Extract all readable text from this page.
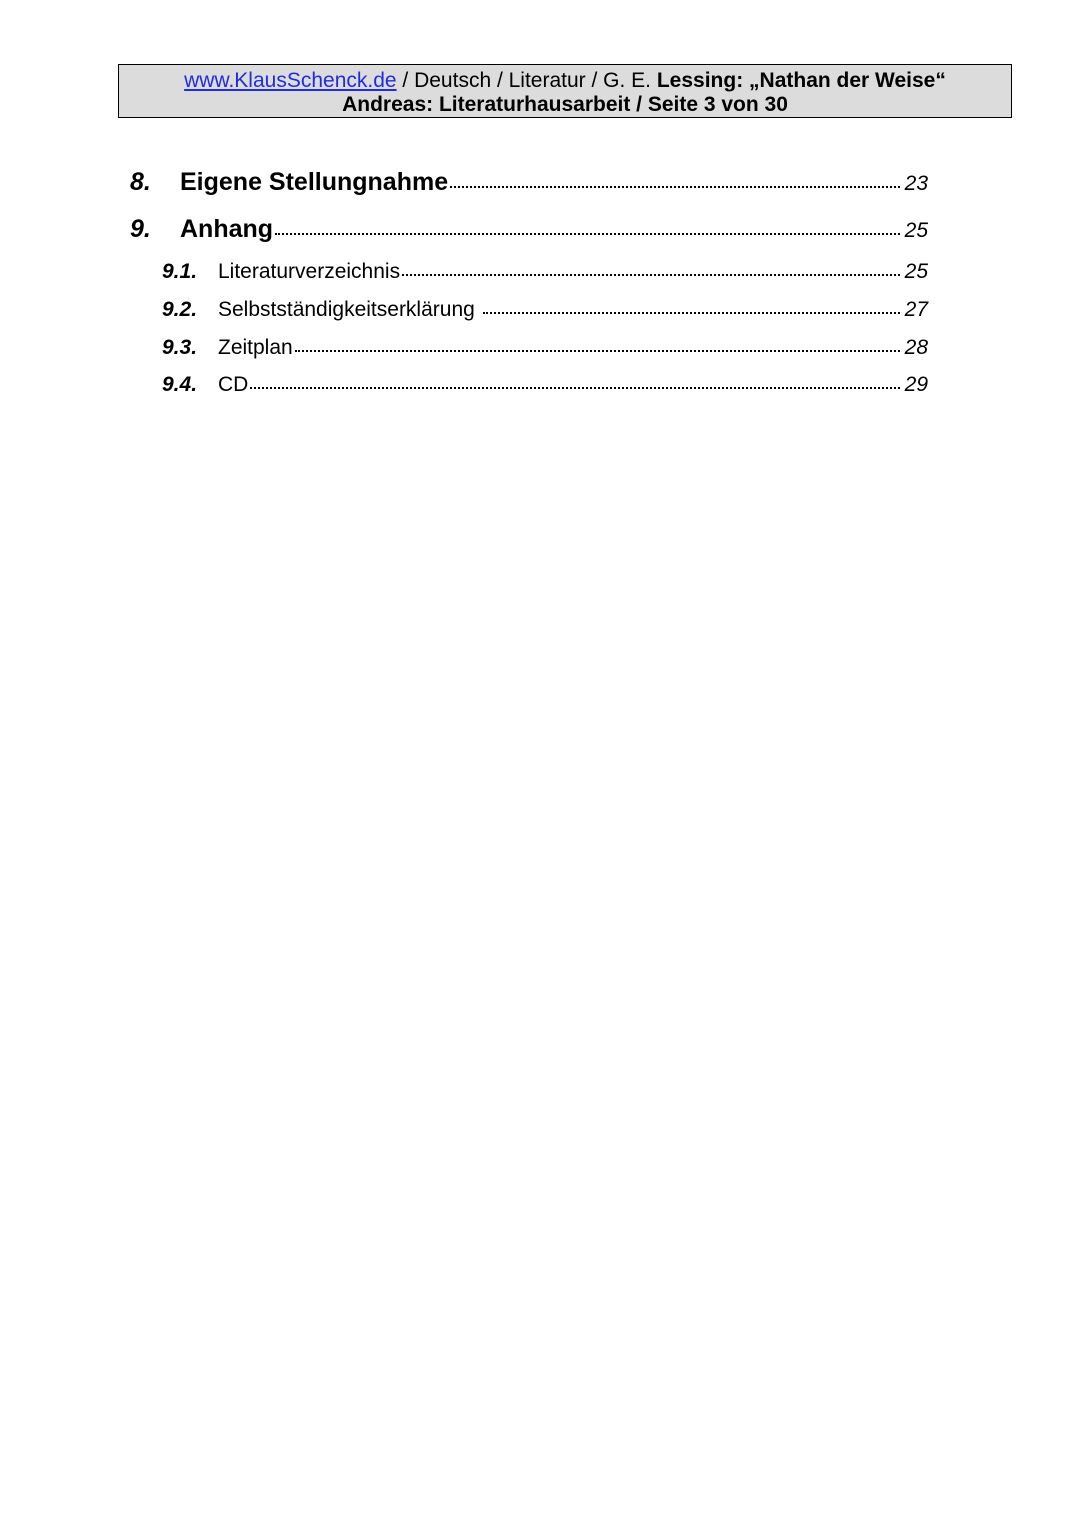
www.KlausSchenck.de / Deutsch / Literatur / G. E. Lessing: „Nathan der Weise“
Andreas: Literaturhausarbeit / Seite 3 von 30
8.	Eigene Stellungnahme	23
9.	Anhang	25
9.1. Literaturverzeichnis	25
9.2. Selbstständigkeitserklärung	27
9.3. Zeitplan	28
9.4. CD	29
